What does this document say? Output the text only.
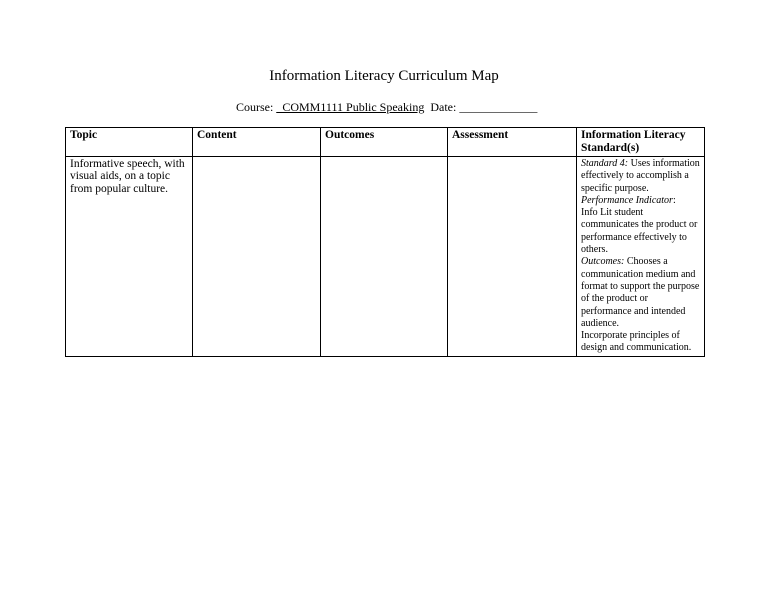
Information Literacy Curriculum Map
Course: _COMM1111 Public Speaking Date: _____________
Topic	Content	Outcomes	Assessment	Information Literacy Standard(s)
Informative speech, with visual aids, on a topic from popular culture.				Standard 4: Uses information effectively to accomplish a specific purpose.
Performance Indicator:
Info Lit student communicates the product or performance effectively to others.
Outcomes: Chooses a communication medium and format to support the purpose of the product or performance and intended audience.
Incorporate principles of design and communication.
